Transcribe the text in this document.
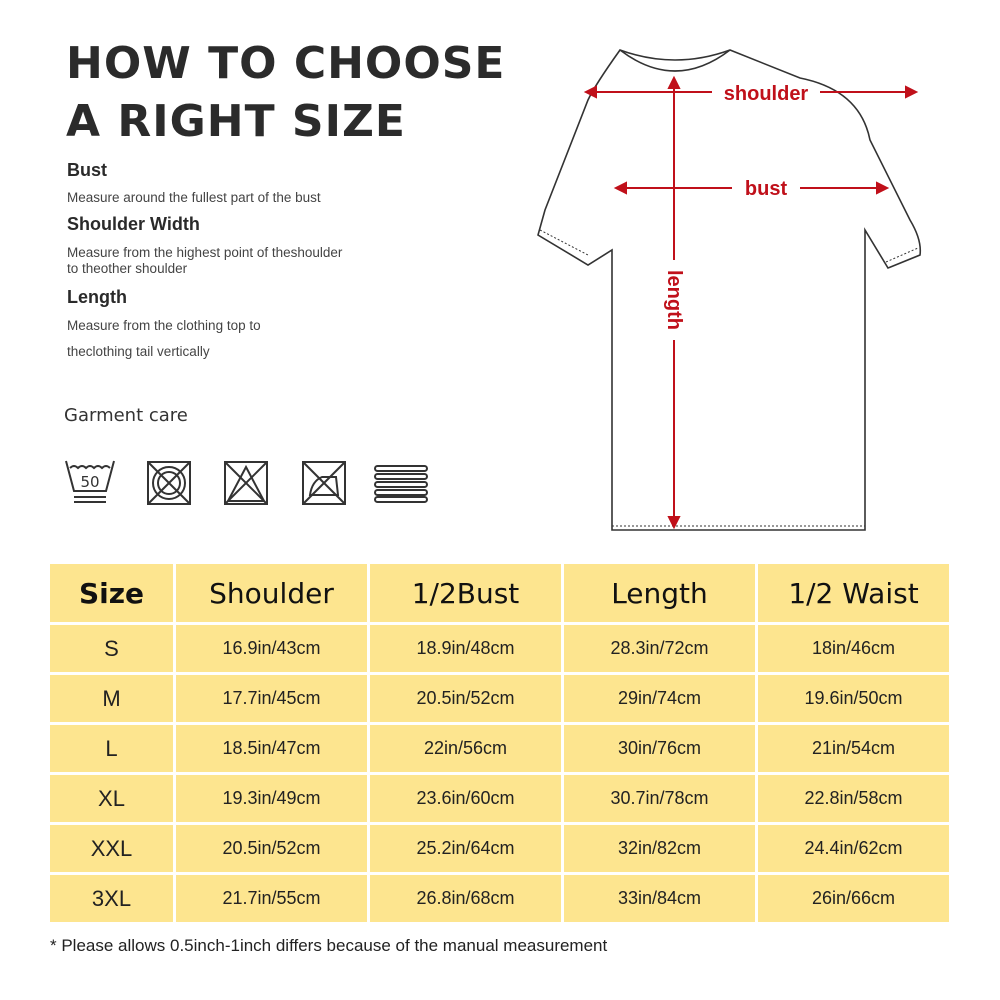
HOW TO CHOOSE
A RIGHT SIZE
Bust
Measure around the fullest part of the bust
Shoulder Width
Measure from the highest point of theshoulder
to theother shoulder
Length
Measure from the clothing top to
theclothing tail vertically
Garment care
50
shoulder
bust
length
Size	Shoulder	1/2Bust	Length	1/2 Waist
S	16.9in/43cm	18.9in/48cm	28.3in/72cm	18in/46cm
M	17.7in/45cm	20.5in/52cm	29in/74cm	19.6in/50cm
L	18.5in/47cm	22in/56cm	30in/76cm	21in/54cm
XL	19.3in/49cm	23.6in/60cm	30.7in/78cm	22.8in/58cm
XXL	20.5in/52cm	25.2in/64cm	32in/82cm	24.4in/62cm
3XL	21.7in/55cm	26.8in/68cm	33in/84cm	26in/66cm
* Please allows 0.5inch-1inch differs because of the manual measurement
